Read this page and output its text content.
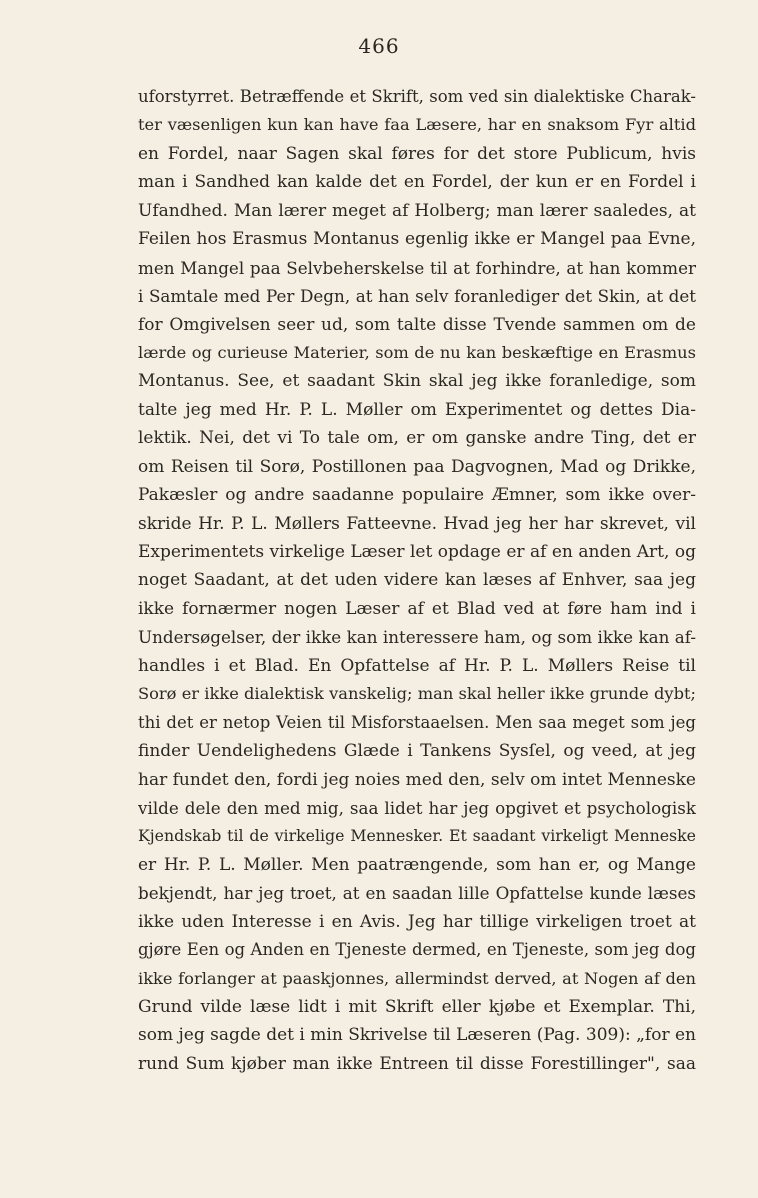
466
uforstyrret. Betræffende et Skrift, som ved sin dialektiske Charak-
ter væsenligen kun kan have faa Læsere, har en snaksom Fyr altid
en Fordel, naar Sagen skal føres for det store Publicum, hvis
man i Sandhed kan kalde det en Fordel, der kun er en Fordel i
Ufandhed. Man lærer meget af Holberg; man lærer saaledes, at
Feilen hos Erasmus Montanus egenlig ikke er Mangel paa Evne,
men Mangel paa Selvbeherskelse til at forhindre, at han kommer
i Samtale med Per Degn, at han selv foranlediger det Skin, at det
for Omgivelsen seer ud, som talte disse Tvende sammen om de
lærde og curieuse Materier, som de nu kan beskæftige en Erasmus
Montanus. See, et saadant Skin skal jeg ikke foranledige, som
talte jeg med Hr. P. L. Møller om Experimentet og dettes Dia-
lektik. Nei, det vi To tale om, er om ganske andre Ting, det er
om Reisen til Sorø, Postillonen paa Dagvognen, Mad og Drikke,
Pakæsler og andre saadanne populaire Æmner, som ikke over-
skride Hr. P. L. Møllers Fatteevne. Hvad jeg her har skrevet, vil
Experimentets virkelige Læser let opdage er af en anden Art, og
noget Saadant, at det uden videre kan læses af Enhver, saa jeg
ikke fornærmer nogen Læser af et Blad ved at føre ham ind i
Undersøgelser, der ikke kan interessere ham, og som ikke kan af-
handles i et Blad. En Opfattelse af Hr. P. L. Møllers Reise til
Sorø er ikke dialektisk vanskelig; man skal heller ikke grunde dybt;
thi det er netop Veien til Misforstaaelsen. Men saa meget som jeg
finder Uendelighedens Glæde i Tankens Sysſel, og veed, at jeg
har fundet den, fordi jeg noies med den, selv om intet Menneske
vilde dele den med mig, saa lidet har jeg opgivet et psychologisk
Kjendskab til de virkelige Mennesker. Et saadant virkeligt Menneske
er Hr. P. L. Møller. Men paatrængende, som han er, og Mange
bekjendt, har jeg troet, at en saadan lille Opfattelse kunde læses
ikke uden Interesse i en Avis. Jeg har tillige virkeligen troet at
gjøre Een og Anden en Tjeneste dermed, en Tjeneste, som jeg dog
ikke forlanger at paaskjonnes, allermindst derved, at Nogen af den
Grund vilde læse lidt i mit Skrift eller kjøbe et Exemplar. Thi,
som jeg sagde det i min Skrivelse til Læseren (Pag. 309): „for en
rund Sum kjøber man ikke Entreen til disse Forestillinger", saa
